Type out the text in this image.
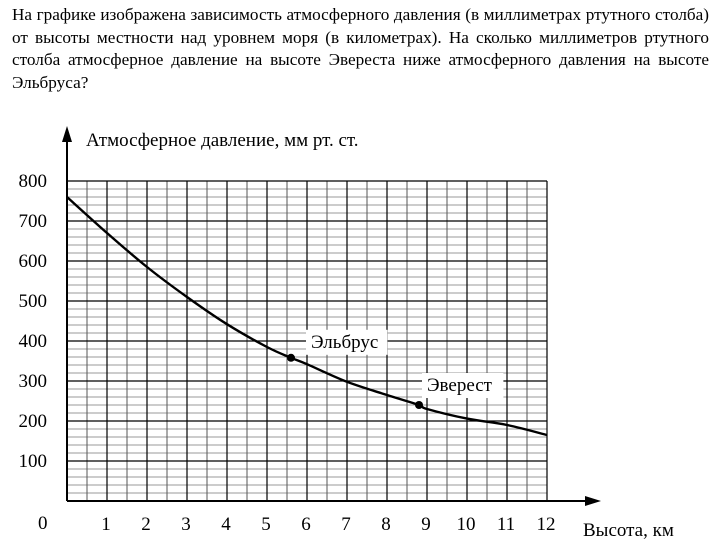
На графике изображена зависимость атмосферного давления (в миллиметрах ртутного столба) от высоты местности над уровнем моря (в километрах). На сколько миллиметров ртутного столба атмосферное давление на высоте Эвереста ниже атмосферного давления на высоте Эльбруса?

100
200
300
400
500
600
700
800
1 2 3 4 5 6 7 8 9 10 11 12
Эльбрус
Эверест
Атмосферное давление, мм рт. ст.
Высота, км
0
